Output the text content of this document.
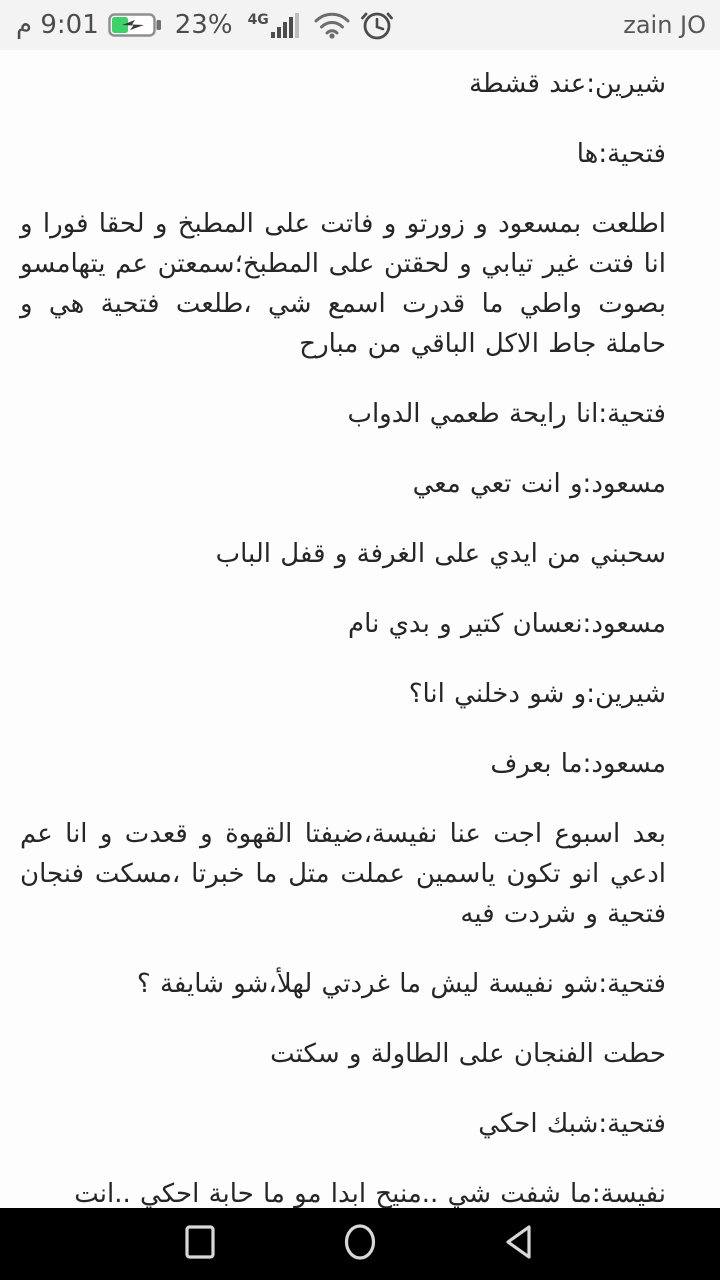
9:01 م	23% 4G	zain JO

شيرين:عند قشطة

فتحية:ها

اطلعت بمسعود و زورتو و فاتت على المطبخ و لحقا فورا و انا فتت غير تيابي و لحقتن على المطبخ؛سمعتن عم يتهامسو بصوت واطي ما قدرت اسمع شي ،طلعت فتحية هي و حاملة جاط الاكل الباقي من مبارح

فتحية:انا رايحة طعمي الدواب

مسعود:و انت تعي معي

سحبني من ايدي على الغرفة و قفل الباب

مسعود:نعسان كتير و بدي نام

شيرين:و شو دخلني انا؟

مسعود:ما بعرف

بعد اسبوع اجت عنا نفيسة،ضيفتا القهوة و قعدت و انا عم ادعي انو تكون ياسمين عملت متل ما خبرتا ،مسكت فنجان فتحية و شردت فيه

فتحية:شو نفيسة ليش ما غردتي لهلأ،شو شايفة ؟

حطت الفنجان على الطاولة و سكتت

فتحية:شبك احكي

نفيسة:ما شفت شي ..منيح ابدا مو ما حابة احكي ..انت
